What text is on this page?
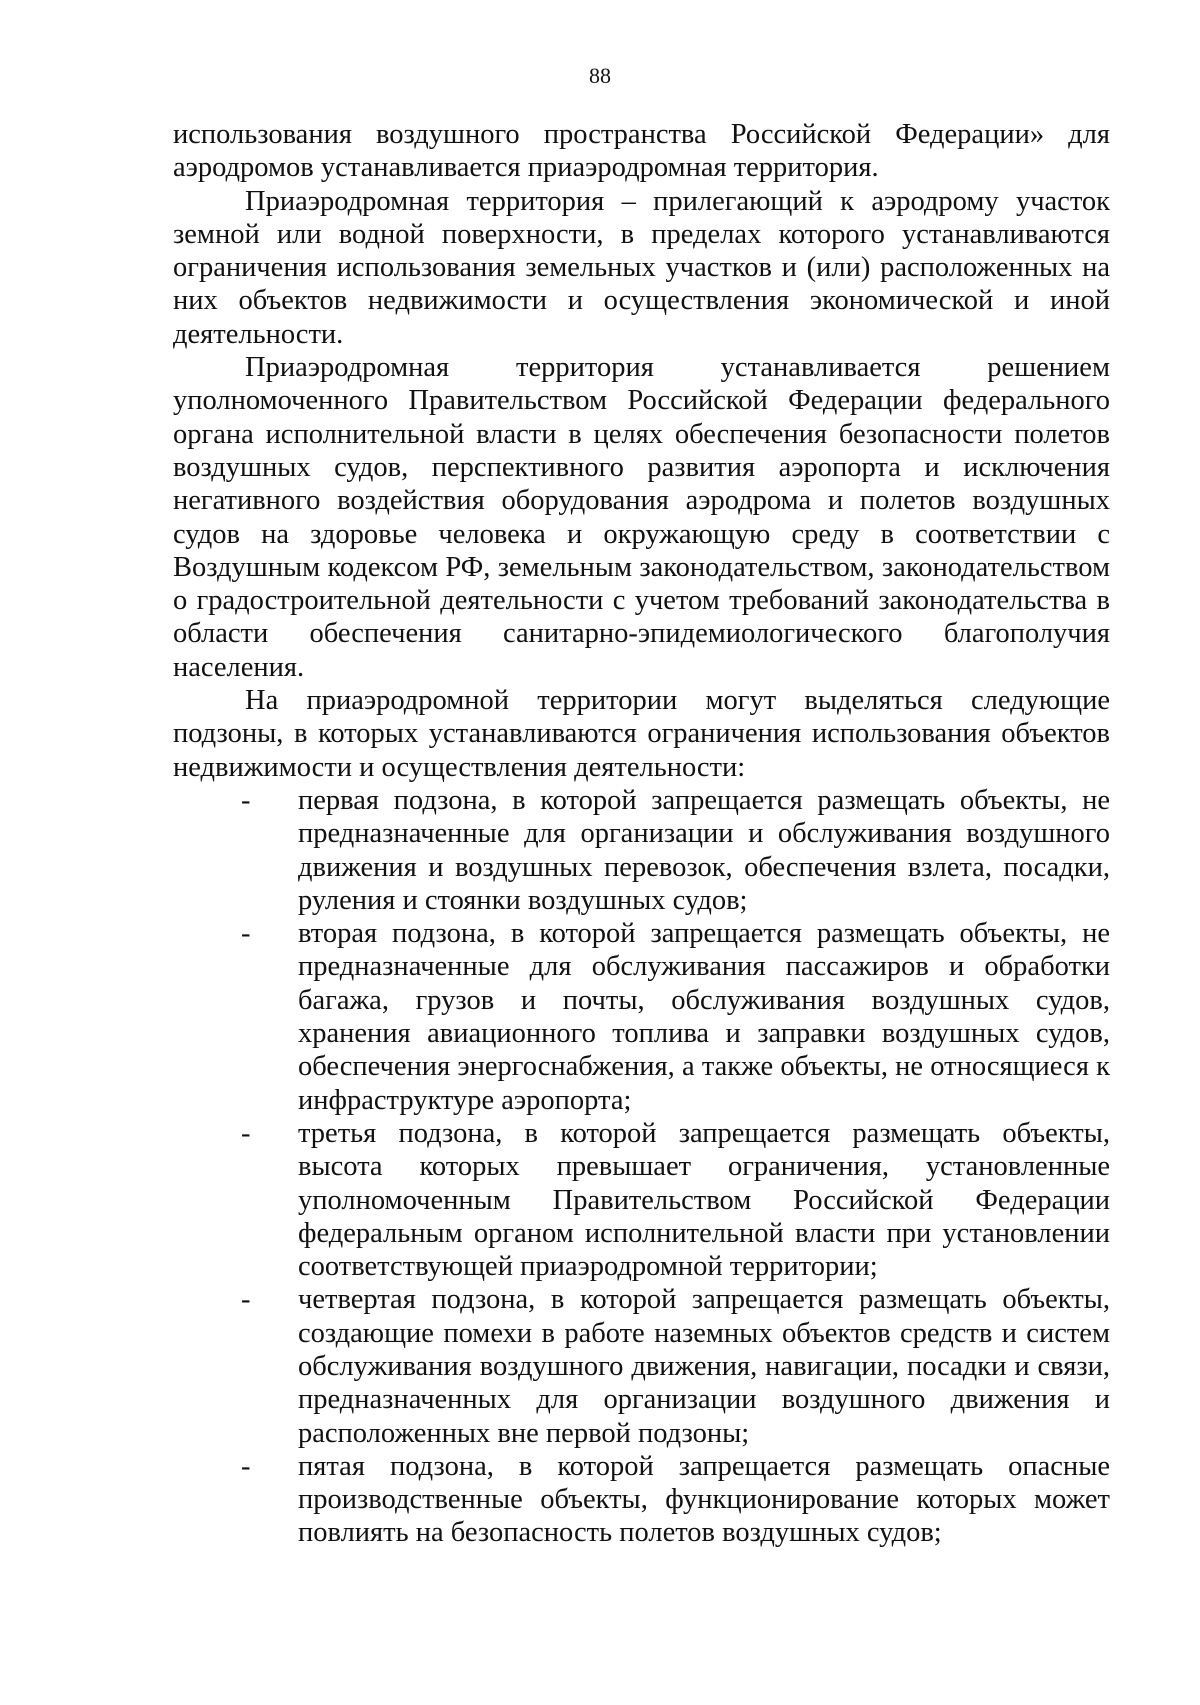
88

использования воздушного пространства Российской Федерации» для аэродромов устанавливается приаэродромная территория.

Приаэродромная территория – прилегающий к аэродрому участок земной или водной поверхности, в пределах которого устанавливаются ограничения использования земельных участков и (или) расположенных на них объектов недвижимости и осуществления экономической и иной деятельности.

Приаэродромная территория устанавливается решением уполномоченного Правительством Российской Федерации федерального органа исполнительной власти в целях обеспечения безопасности полетов воздушных судов, перспективного развития аэропорта и исключения негативного воздействия оборудования аэродрома и полетов воздушных судов на здоровье человека и окружающую среду в соответствии с Воздушным кодексом РФ, земельным законодательством, законодательством о градостроительной деятельности с учетом требований законодательства в области обеспечения санитарно-эпидемиологического благополучия населения.

На приаэродромной территории могут выделяться следующие подзоны, в которых устанавливаются ограничения использования объектов недвижимости и осуществления деятельности:

- первая подзона, в которой запрещается размещать объекты, не предназначенные для организации и обслуживания воздушного движения и воздушных перевозок, обеспечения взлета, посадки, руления и стоянки воздушных судов;
- вторая подзона, в которой запрещается размещать объекты, не предназначенные для обслуживания пассажиров и обработки багажа, грузов и почты, обслуживания воздушных судов, хранения авиационного топлива и заправки воздушных судов, обеспечения энергоснабжения, а также объекты, не относящиеся к инфраструктуре аэропорта;
- третья подзона, в которой запрещается размещать объекты, высота которых превышает ограничения, установленные уполномоченным Правительством Российской Федерации федеральным органом исполнительной власти при установлении соответствующей приаэродромной территории;
- четвертая подзона, в которой запрещается размещать объекты, создающие помехи в работе наземных объектов средств и систем обслуживания воздушного движения, навигации, посадки и связи, предназначенных для организации воздушного движения и расположенных вне первой подзоны;
- пятая подзона, в которой запрещается размещать опасные производственные объекты, функционирование которых может повлиять на безопасность полетов воздушных судов;
